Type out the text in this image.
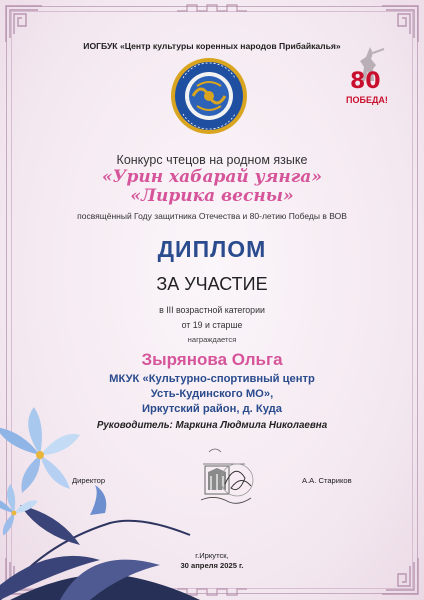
ИОГБУК «Центр культуры коренных народов Прибайкалья»
80
ПОБЕДА!
Конкурс чтецов на родном языке
«Урин хабарай уянга»
«Лирика весны»
посвящённый Году защитника Отечества и 80-летию Победы в ВОВ
ДИПЛОМ
ЗА УЧАСТИЕ
в III возрастной категории
от 19 и старше
награждается
Зырянова Ольга
МКУК «Культурно-спортивный центр
Усть-Кудинского МО»,
Иркутский район, д. Куда
Руководитель: Маркина Людмила Николаевна
Директор	А.А. Стариков
г.Иркутск,
30 апреля 2025 г.
